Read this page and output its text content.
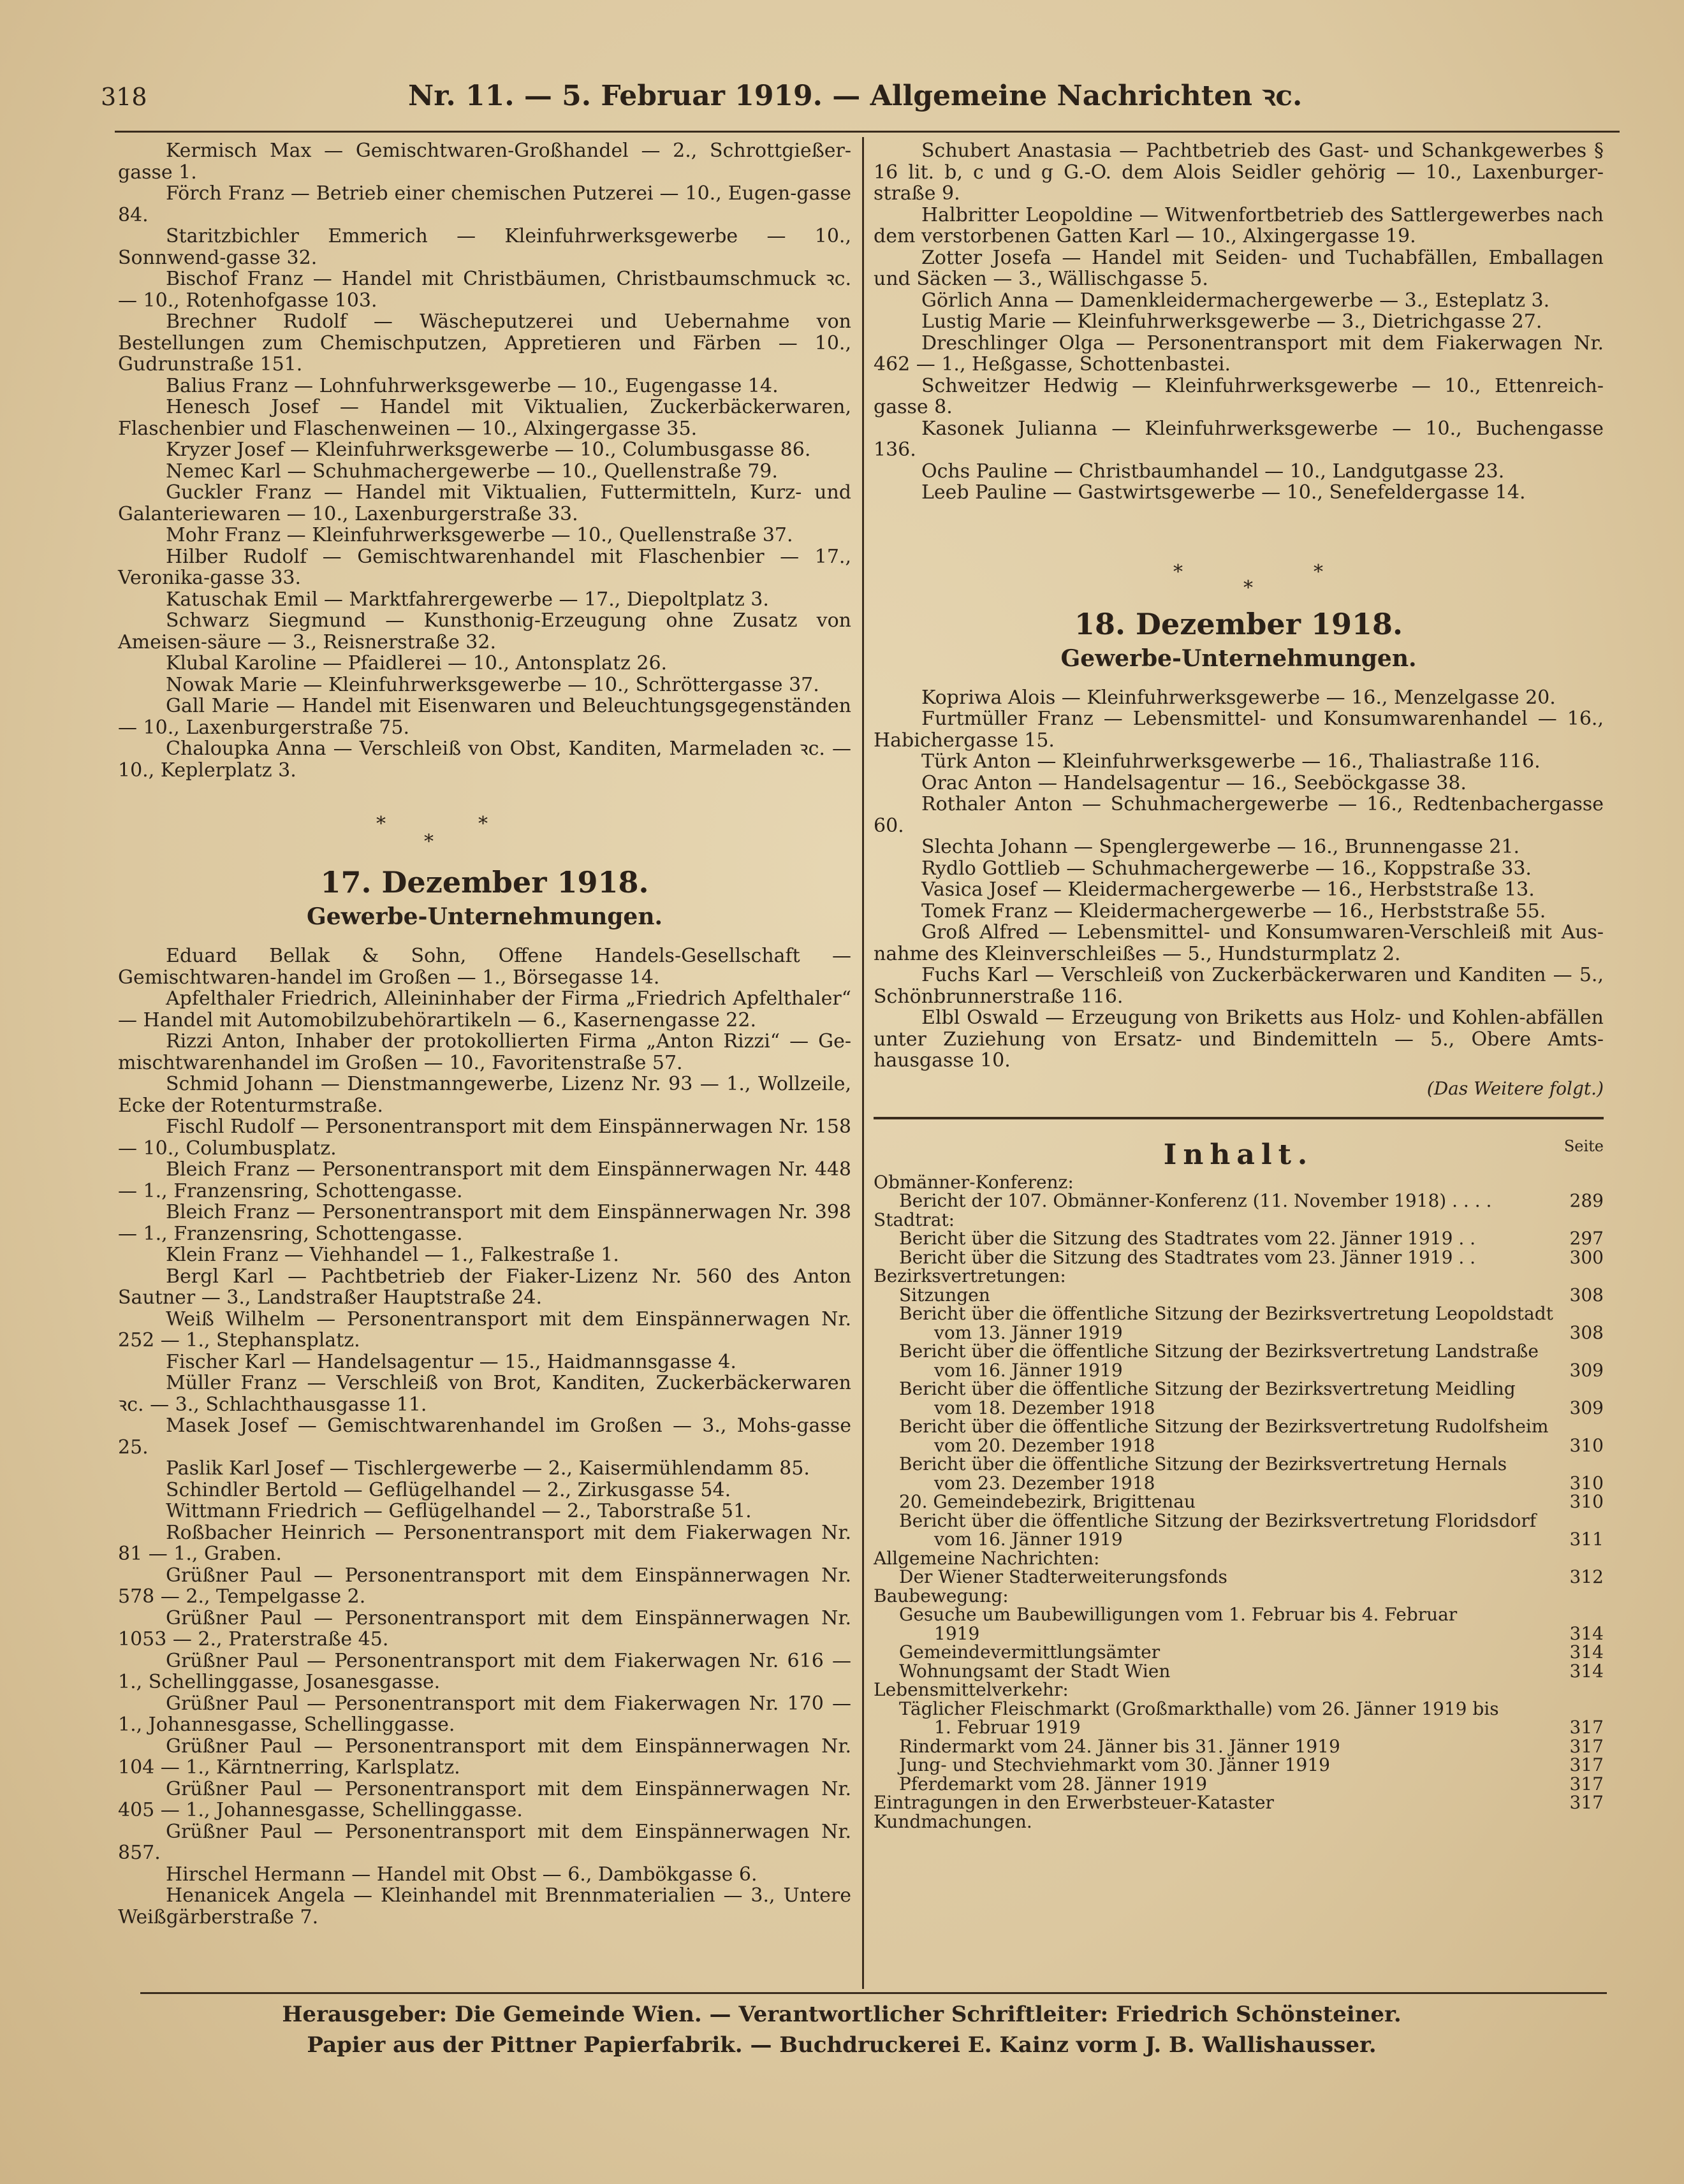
318	Nr. 11. — 5. Februar 1919. — Allgemeine Nachrichten ꝛc.

Kermisch Max — Gemischtwaren-Großhandel — 2., Schrottgießer-gasse 1.

Förch Franz — Betrieb einer chemischen Putzerei — 10., Eugen-gasse 84.

Staritzbichler Emmerich — Kleinfuhrwerksgewerbe — 10., Sonnwend-gasse 32.

Bischof Franz — Handel mit Christbäumen, Christbaumschmuck ꝛc. — 10., Rotenhofgasse 103.

Brechner Rudolf — Wäscheputzerei und Uebernahme von Bestellungen zum Chemischputzen, Appretieren und Färben — 10., Gudrunstraße 151.

Balius Franz — Lohnfuhrwerksgewerbe — 10., Eugengasse 14.

Henesch Josef — Handel mit Viktualien, Zuckerbäckerwaren, Flaschenbier und Flaschenweinen — 10., Alxingergasse 35.

Kryzer Josef — Kleinfuhrwerksgewerbe — 10., Columbusgasse 86.

Nemec Karl — Schuhmachergewerbe — 10., Quellenstraße 79.

Guckler Franz — Handel mit Viktualien, Futtermitteln, Kurz- und Galanteriewaren — 10., Laxenburgerstraße 33.

Mohr Franz — Kleinfuhrwerksgewerbe — 10., Quellenstraße 37.

Hilber Rudolf — Gemischtwarenhandel mit Flaschenbier — 17., Veronika-gasse 33.

Katuschak Emil — Marktfahrergewerbe — 17., Diepoltplatz 3.

Schwarz Siegmund — Kunsthonig-Erzeugung ohne Zusatz von Ameisen-säure — 3., Reisnerstraße 32.

Klubal Karoline — Pfaidlerei — 10., Antonsplatz 26.

Nowak Marie — Kleinfuhrwerksgewerbe — 10., Schröttergasse 37.

Gall Marie — Handel mit Eisenwaren und Beleuchtungsgegenständen — 10., Laxenburgerstraße 75.

Chaloupka Anna — Verschleiß von Obst, Kanditen, Marmeladen ꝛc. — 10., Keplerplatz 3.

*	*
*
17. Dezember 1918.
Gewerbe-Unternehmungen.

Eduard Bellak & Sohn, Offene Handels-Gesellschaft — Gemischtwaren-handel im Großen — 1., Börsegasse 14.

Apfelthaler Friedrich, Alleininhaber der Firma „Friedrich Apfelthaler“ — Handel mit Automobilzubehörartikeln — 6., Kasernengasse 22.

Rizzi Anton, Inhaber der protokollierten Firma „Anton Rizzi“ — Ge-mischtwarenhandel im Großen — 10., Favoritenstraße 57.

Schmid Johann — Dienstmanngewerbe, Lizenz Nr. 93 — 1., Wollzeile, Ecke der Rotenturmstraße.

Fischl Rudolf — Personentransport mit dem Einspännerwagen Nr. 158 — 10., Columbusplatz.

Bleich Franz — Personentransport mit dem Einspännerwagen Nr. 448 — 1., Franzensring, Schottengasse.

Bleich Franz — Personentransport mit dem Einspännerwagen Nr. 398 — 1., Franzensring, Schottengasse.

Klein Franz — Viehhandel — 1., Falkestraße 1.

Bergl Karl — Pachtbetrieb der Fiaker-Lizenz Nr. 560 des Anton Sautner — 3., Landstraßer Hauptstraße 24.

Weiß Wilhelm — Personentransport mit dem Einspännerwagen Nr. 252 — 1., Stephansplatz.

Fischer Karl — Handelsagentur — 15., Haidmannsgasse 4.

Müller Franz — Verschleiß von Brot, Kanditen, Zuckerbäckerwaren ꝛc. — 3., Schlachthausgasse 11.

Masek Josef — Gemischtwarenhandel im Großen — 3., Mohs-gasse 25.

Paslik Karl Josef — Tischlergewerbe — 2., Kaisermühlendamm 85.

Schindler Bertold — Geflügelhandel — 2., Zirkusgasse 54.

Wittmann Friedrich — Geflügelhandel — 2., Taborstraße 51.

Roßbacher Heinrich — Personentransport mit dem Fiakerwagen Nr. 81 — 1., Graben.

Grüßner Paul — Personentransport mit dem Einspännerwagen Nr. 578 — 2., Tempelgasse 2.

Grüßner Paul — Personentransport mit dem Einspännerwagen Nr. 1053 — 2., Praterstraße 45.

Grüßner Paul — Personentransport mit dem Fiakerwagen Nr. 616 — 1., Schellinggasse, Josanesgasse.

Grüßner Paul — Personentransport mit dem Fiakerwagen Nr. 170 — 1., Johannesgasse, Schellinggasse.

Grüßner Paul — Personentransport mit dem Einspännerwagen Nr. 104 — 1., Kärntnerring, Karlsplatz.

Grüßner Paul — Personentransport mit dem Einspännerwagen Nr. 405 — 1., Johannesgasse, Schellinggasse.

Grüßner Paul — Personentransport mit dem Einspännerwagen Nr. 857.

Hirschel Hermann — Handel mit Obst — 6., Dambökgasse 6.

Henanicek Angela — Kleinhandel mit Brennmaterialien — 3., Untere Weißgärberstraße 7.

Schubert Anastasia — Pachtbetrieb des Gast- und Schankgewerbes § 16 lit. b, c und g G.-O. dem Alois Seidler gehörig — 10., Laxenburger-straße 9.

Halbritter Leopoldine — Witwenfortbetrieb des Sattlergewerbes nach dem verstorbenen Gatten Karl — 10., Alxingergasse 19.

Zotter Josefa — Handel mit Seiden- und Tuchabfällen, Emballagen und Säcken — 3., Wällischgasse 5.

Görlich Anna — Damenkleidermachergewerbe — 3., Esteplatz 3.

Lustig Marie — Kleinfuhrwerksgewerbe — 3., Dietrichgasse 27.

Dreschlinger Olga — Personentransport mit dem Fiakerwagen Nr. 462 — 1., Heßgasse, Schottenbastei.

Schweitzer Hedwig — Kleinfuhrwerksgewerbe — 10., Ettenreich-gasse 8.

Kasonek Julianna — Kleinfuhrwerksgewerbe — 10., Buchengasse 136.

Ochs Pauline — Christbaumhandel — 10., Landgutgasse 23.

Leeb Pauline — Gastwirtsgewerbe — 10., Senefeldergasse 14.

*	*
*
18. Dezember 1918.
Gewerbe-Unternehmungen.

Kopriwa Alois — Kleinfuhrwerksgewerbe — 16., Menzelgasse 20.

Furtmüller Franz — Lebensmittel- und Konsumwarenhandel — 16., Habichergasse 15.

Türk Anton — Kleinfuhrwerksgewerbe — 16., Thaliastraße 116.

Orac Anton — Handelsagentur — 16., Seeböckgasse 38.

Rothaler Anton — Schuhmachergewerbe — 16., Redtenbachergasse 60.

Slechta Johann — Spenglergewerbe — 16., Brunnengasse 21.

Rydlo Gottlieb — Schuhmachergewerbe — 16., Koppstraße 33.

Vasica Josef — Kleidermachergewerbe — 16., Herbststraße 13.

Tomek Franz — Kleidermachergewerbe — 16., Herbststraße 55.

Groß Alfred — Lebensmittel- und Konsumwaren-Verschleiß mit Aus-nahme des Kleinverschleißes — 5., Hundsturmplatz 2.

Fuchs Karl — Verschleiß von Zuckerbäckerwaren und Kanditen — 5., Schönbrunnerstraße 116.

Elbl Oswald — Erzeugung von Briketts aus Holz- und Kohlen-abfällen unter Zuziehung von Ersatz- und Bindemitteln — 5., Obere Amts-hausgasse 10.

(Das Weitere folgt.)
Inhalt.	Seite
Obmänner-Konferenz:
Bericht der 107. Obmänner-Konferenz (11. November 1918) . . . .	289
Stadtrat:
Bericht über die Sitzung des Stadtrates vom 22. Jänner 1919 . .	297
Bericht über die Sitzung des Stadtrates vom 23. Jänner 1919 . .	300
Bezirksvertretungen:
Sitzungen	308
Bericht über die öffentliche Sitzung der Bezirksvertretung Leopoldstadt
vom 13. Jänner 1919	308
Bericht über die öffentliche Sitzung der Bezirksvertretung Landstraße
vom 16. Jänner 1919	309
Bericht über die öffentliche Sitzung der Bezirksvertretung Meidling
vom 18. Dezember 1918	309
Bericht über die öffentliche Sitzung der Bezirksvertretung Rudolfsheim
vom 20. Dezember 1918	310
Bericht über die öffentliche Sitzung der Bezirksvertretung Hernals
vom 23. Dezember 1918	310
20. Gemeindebezirk, Brigittenau	310
Bericht über die öffentliche Sitzung der Bezirksvertretung Floridsdorf
vom 16. Jänner 1919	311
Allgemeine Nachrichten:
Der Wiener Stadterweiterungsfonds	312
Baubewegung:
Gesuche um Baubewilligungen vom 1. Februar bis 4. Februar
1919	314
Gemeindevermittlungsämter	314
Wohnungsamt der Stadt Wien	314
Lebensmittelverkehr:
Täglicher Fleischmarkt (Großmarkthalle) vom 26. Jänner 1919 bis
1. Februar 1919	317
Rindermarkt vom 24. Jänner bis 31. Jänner 1919	317
Jung- und Stechviehmarkt vom 30. Jänner 1919	317
Pferdemarkt vom 28. Jänner 1919	317
Eintragungen in den Erwerbsteuer-Kataster	317
Kundmachungen.
Herausgeber: Die Gemeinde Wien. — Verantwortlicher Schriftleiter: Friedrich Schönsteiner.
Papier aus der Pittner Papierfabrik. — Buchdruckerei E. Kainz vorm J. B. Wallishausser.
